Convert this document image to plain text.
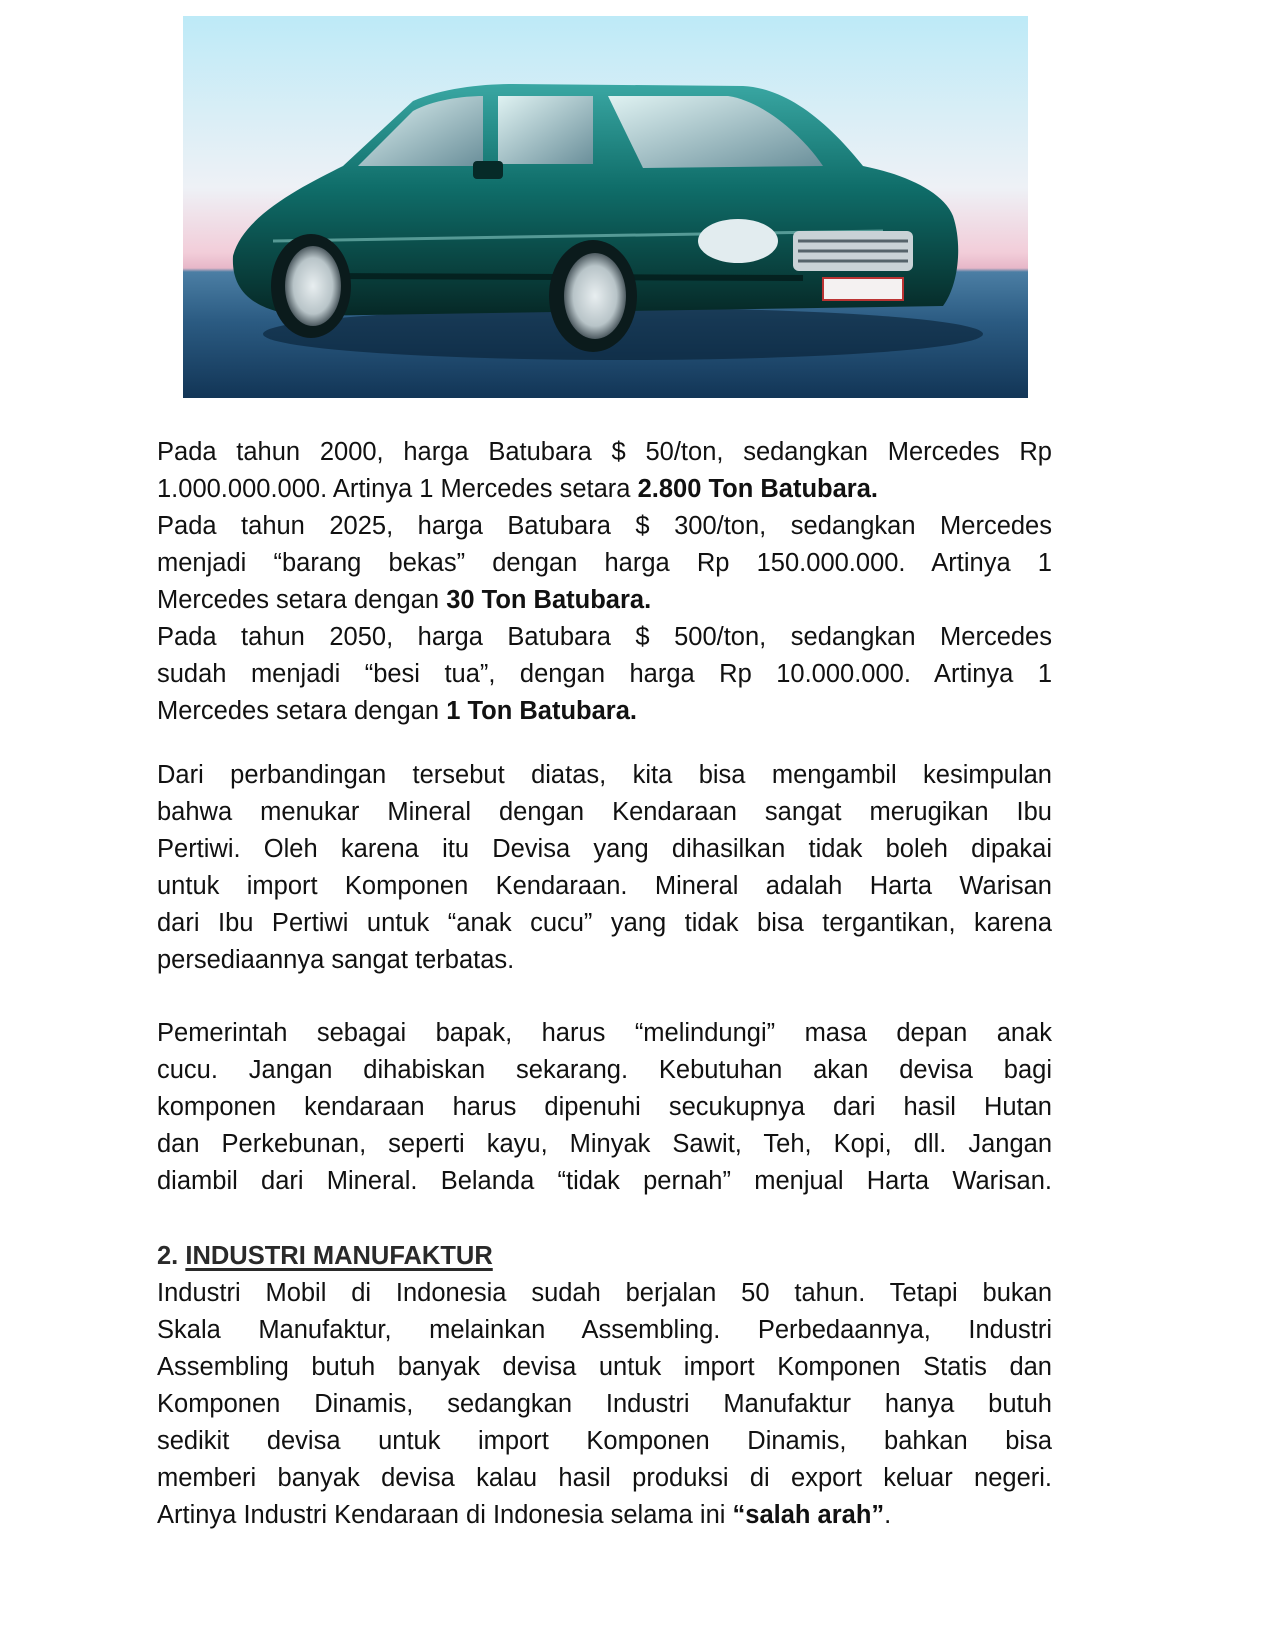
Pada tahun 2000, harga Batubara $ 50/ton, sedangkan Mercedes Rp
1.000.000.000. Artinya 1 Mercedes setara 2.800 Ton Batubara.
Pada tahun 2025, harga Batubara $ 300/ton, sedangkan Mercedes
menjadi “barang bekas” dengan harga Rp 150.000.000. Artinya 1
Mercedes setara dengan 30 Ton Batubara.
Pada tahun 2050, harga Batubara $ 500/ton, sedangkan Mercedes
sudah menjadi “besi tua”, dengan harga Rp 10.000.000. Artinya 1
Mercedes setara dengan 1 Ton Batubara.
Dari perbandingan tersebut diatas, kita bisa mengambil kesimpulan
bahwa menukar Mineral dengan Kendaraan sangat merugikan Ibu
Pertiwi. Oleh karena itu Devisa yang dihasilkan tidak boleh dipakai
untuk import Komponen Kendaraan. Mineral adalah Harta Warisan
dari Ibu Pertiwi untuk “anak cucu” yang tidak bisa tergantikan, karena
persediaannya sangat terbatas.
Pemerintah sebagai bapak, harus “melindungi” masa depan anak
cucu. Jangan dihabiskan sekarang. Kebutuhan akan devisa bagi
komponen kendaraan harus dipenuhi secukupnya dari hasil Hutan
dan Perkebunan, seperti kayu, Minyak Sawit, Teh, Kopi, dll. Jangan
diambil dari Mineral. Belanda “tidak pernah” menjual Harta Warisan.
2. INDUSTRI MANUFAKTUR
Industri Mobil di Indonesia sudah berjalan 50 tahun. Tetapi bukan
Skala Manufaktur, melainkan Assembling. Perbedaannya, Industri
Assembling butuh banyak devisa untuk import Komponen Statis dan
Komponen Dinamis, sedangkan Industri Manufaktur hanya butuh
sedikit devisa untuk import Komponen Dinamis, bahkan bisa
memberi banyak devisa kalau hasil produksi di export keluar negeri.
Artinya Industri Kendaraan di Indonesia selama ini “salah arah”.
